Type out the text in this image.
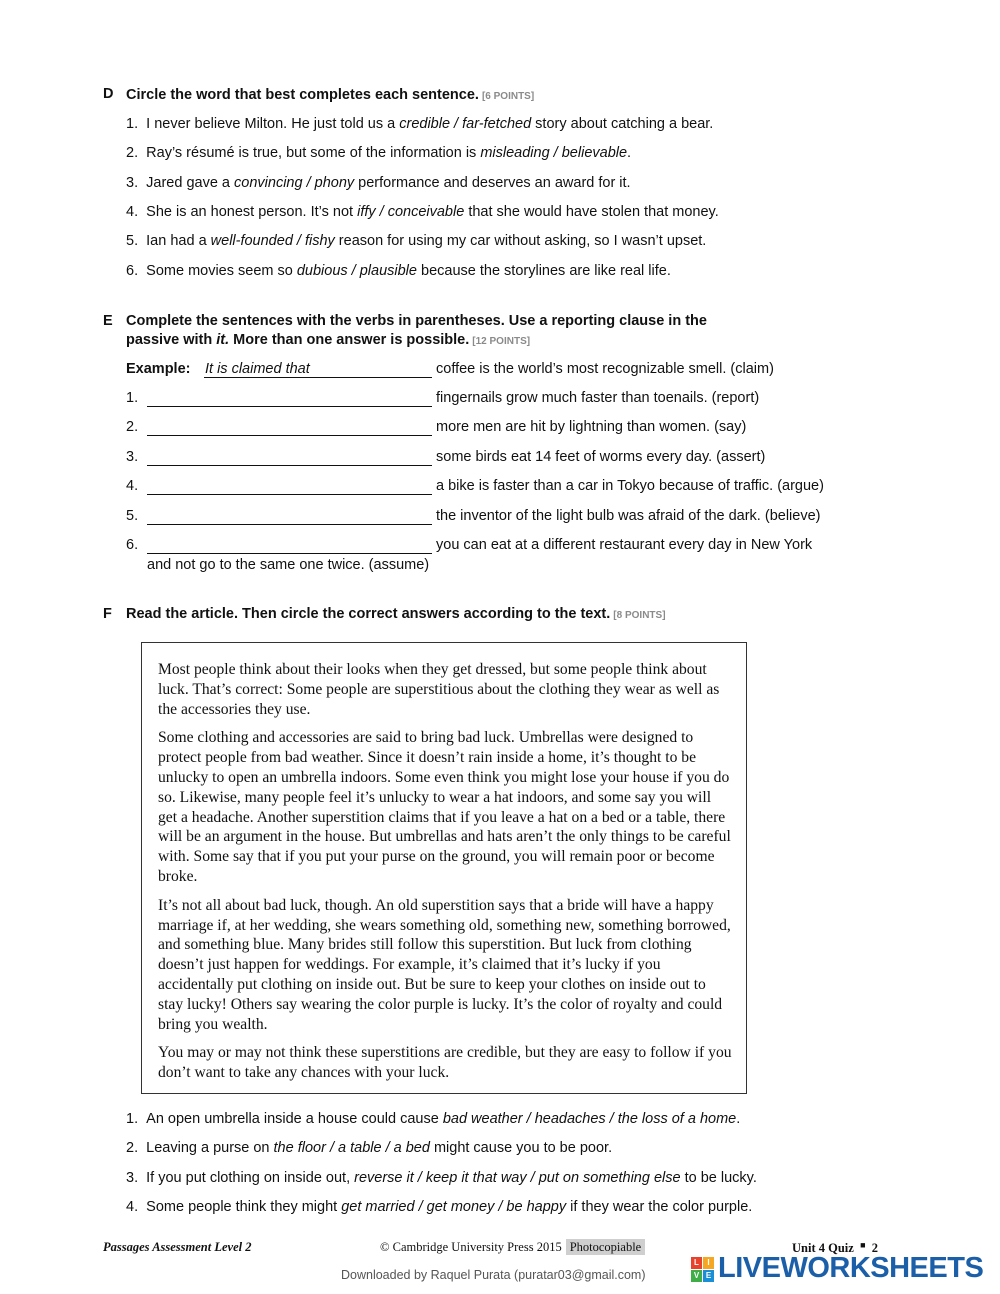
D Circle the word that best completes each sentence. [6 POINTS]
1. I never believe Milton. He just told us a credible / far-fetched story about catching a bear.
2. Ray’s résumé is true, but some of the information is misleading / believable.
3. Jared gave a convincing / phony performance and deserves an award for it.
4. She is an honest person. It’s not iffy / conceivable that she would have stolen that money.
5. Ian had a well-founded / fishy reason for using my car without asking, so I wasn’t upset.
6. Some movies seem so dubious / plausible because the storylines are like real life.
E Complete the sentences with the verbs in parentheses. Use a reporting clause in the
passive with it. More than one answer is possible. [12 POINTS]
Example: It is claimed that	coffee is the world’s most recognizable smell. (claim)
1.	fingernails grow much faster than toenails. (report)
2.	more men are hit by lightning than women. (say)
3.	some birds eat 14 feet of worms every day. (assert)
4.	a bike is faster than a car in Tokyo because of traffic. (argue)
5.	the inventor of the light bulb was afraid of the dark. (believe)
6.	you can eat at a different restaurant every day in New York
and not go to the same one twice. (assume)
F Read the article. Then circle the correct answers according to the text. [8 POINTS]

Most people think about their looks when they get dressed, but some people think about luck. That’s correct: Some people are superstitious about the clothing they wear as well as the accessories they use.

Some clothing and accessories are said to bring bad luck. Umbrellas were designed to protect people from bad weather. Since it doesn’t rain inside a home, it’s thought to be unlucky to open an umbrella indoors. Some even think you might lose your house if you do so. Likewise, many people feel it’s unlucky to wear a hat indoors, and some say you will get a headache. Another superstition claims that if you leave a hat on a bed or a table, there will be an argument in the house. But umbrellas and hats aren’t the only things to be careful with. Some say that if you put your purse on the ground, you will remain poor or become broke.

It’s not all about bad luck, though. An old superstition says that a bride will have a happy marriage if, at her wedding, she wears something old, something new, something borrowed, and something blue. Many brides still follow this superstition. But luck from clothing doesn’t just happen for weddings. For example, it’s claimed that it’s lucky if you accidentally put clothing on inside out. But be sure to keep your clothes on inside out to stay lucky! Others say wearing the color purple is lucky. It’s the color of royalty and could bring you wealth.

You may or may not think these superstitions are credible, but they are easy to follow if you don’t want to take any chances with your luck.

1. An open umbrella inside a house could cause bad weather / headaches / the loss of a home.
2. Leaving a purse on the floor / a table / a bed might cause you to be poor.
3. If you put clothing on inside out, reverse it / keep it that way / put on something else to be lucky.
4. Some people think they might get married / get money / be happy if they wear the color purple.
Passages Assessment Level 2	© Cambridge University Press 2015 Photocopiable	Unit 4 Quiz ■ 2
Downloaded by Raquel Purata (puratar03@gmail.com)
L	I
V E LIVEWORKSHEETS
